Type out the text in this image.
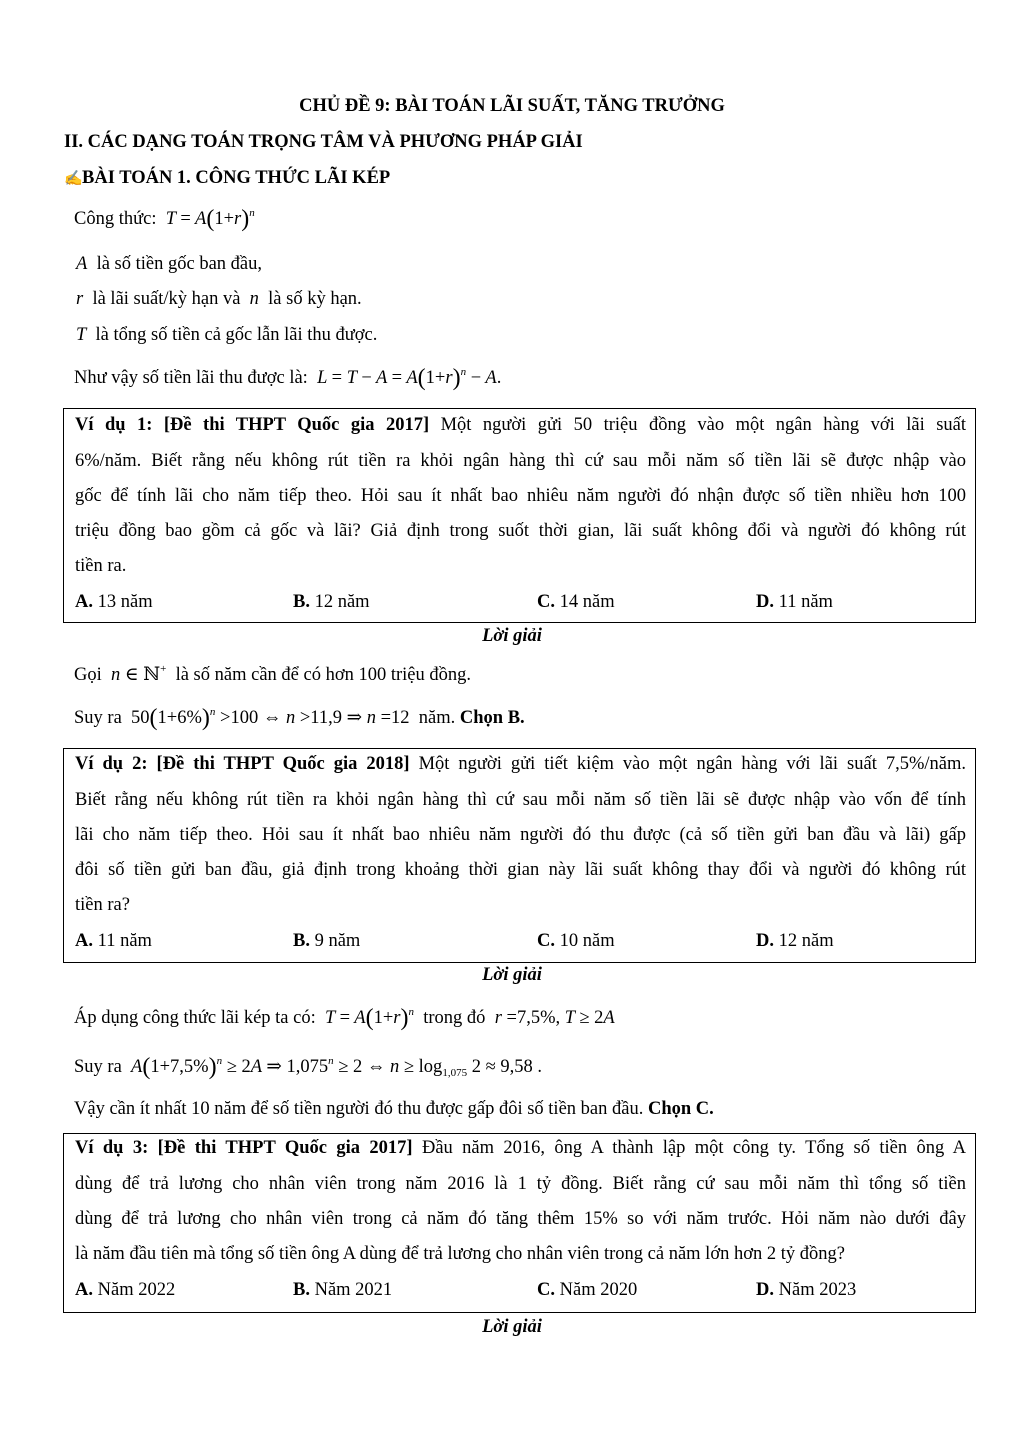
CHỦ ĐỀ 9: BÀI TOÁN LÃI SUẤT, TĂNG TRƯỞNG
II. CÁC DẠNG TOÁN TRỌNG TÂM VÀ PHƯƠNG PHÁP GIẢI
✍BÀI TOÁN 1. CÔNG THỨC LÃI KÉP
Công thức:  $T = A(1+r)^n$
A là số tiền gốc ban đầu,
r là lãi suất/kỳ hạn và n là số kỳ hạn.
T là tổng số tiền cả gốc lẫn lãi thu được.
Như vậy số tiền lãi thu được là:  $L = T - A = A(1+r)^n - A$.
Ví dụ 1: [Đề thi THPT Quốc gia 2017] Một người gửi 50 triệu đồng vào một ngân hàng với lãi suất
6%/năm. Biết rằng nếu không rút tiền ra khỏi ngân hàng thì cứ sau mỗi năm số tiền lãi sẽ được nhập vào
gốc để tính lãi cho năm tiếp theo. Hỏi sau ít nhất bao nhiêu năm người đó nhận được số tiền nhiều hơn 100
triệu đồng bao gồm cả gốc và lãi? Giả định trong suốt thời gian, lãi suất không đổi và người đó không rút
tiền ra.
A. 13 năm	B. 12 năm	C. 14 năm	D. 11 năm
Lời giải
Gọi  n ∈ ℕ+ là số năm cần để có hơn 100 triệu đồng.
Suy ra $50(1+6\%)^n >100$ ⇔ n >11,9 ⇒ n =12 năm. Chọn B.
Ví dụ 2: [Đề thi THPT Quốc gia 2018] Một người gửi tiết kiệm vào một ngân hàng với lãi suất 7,5%/năm.
Biết rằng nếu không rút tiền ra khỏi ngân hàng thì cứ sau mỗi năm số tiền lãi sẽ được nhập vào vốn để tính
lãi cho năm tiếp theo. Hỏi sau ít nhất bao nhiêu năm người đó thu được (cả số tiền gửi ban đầu và lãi) gấp
đôi số tiền gửi ban đầu, giả định trong khoảng thời gian này lãi suất không thay đổi và người đó không rút
tiền ra?
A. 11 năm	B. 9 năm	C. 10 năm	D. 12 năm
Lời giải
Áp dụng công thức lãi kép ta có:  $T = A(1+r)^n$ trong đó  r =7,5%, T ≥ 2A
Suy ra  $A(1+7,5\%)^n \ge 2A$ ⇒ $1,075^n \ge 2$ ⇔ $n \ge \log_{1,075} 2 \approx 9,58$ .
Vậy cần ít nhất 10 năm để số tiền người đó thu được gấp đôi số tiền ban đầu. Chọn C.
Ví dụ 3: [Đề thi THPT Quốc gia 2017] Đầu năm 2016, ông A thành lập một công ty. Tổng số tiền ông A
dùng để trả lương cho nhân viên trong năm 2016 là 1 tỷ đồng. Biết rằng cứ sau mỗi năm thì tổng số tiền
dùng để trả lương cho nhân viên trong cả năm đó tăng thêm 15% so với năm trước. Hỏi năm nào dưới đây
là năm đầu tiên mà tổng số tiền ông A dùng để trả lương cho nhân viên trong cả năm lớn hơn 2 tỷ đồng?
A. Năm 2022	B. Năm 2021	C. Năm 2020	D. Năm 2023
Lời giải
